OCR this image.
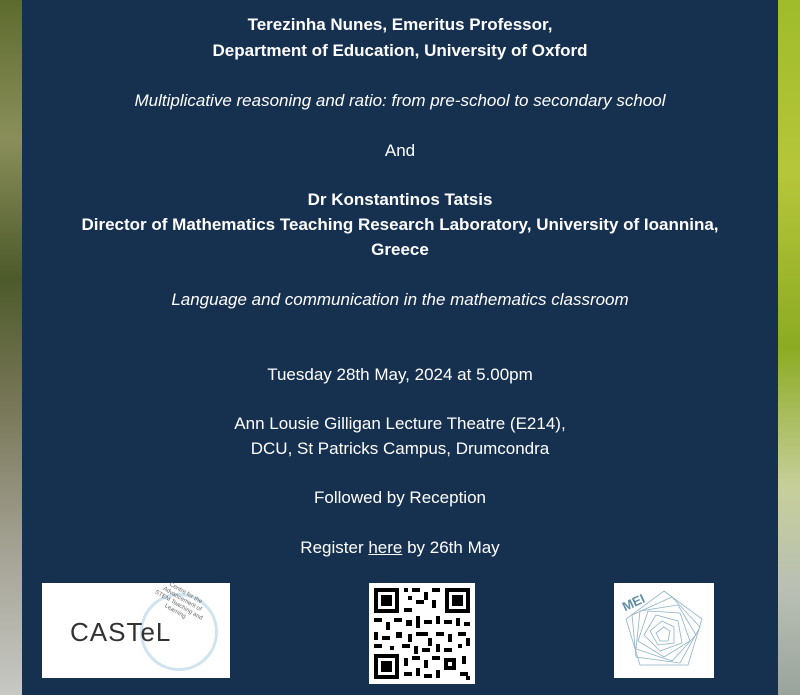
Terezinha Nunes, Emeritus Professor,
Department of Education, University of Oxford
Multiplicative reasoning and ratio: from pre-school to secondary school
And
Dr Konstantinos Tatsis
Director of Mathematics Teaching Research Laboratory, University of Ioannina,
Greece
Language and communication in the mathematics classroom
Tuesday 28th May, 2024 at 5.00pm
Ann Lousie Gilligan Lecture Theatre (E214),
DCU, St Patricks Campus, Drumcondra
Followed by Reception
Register here by 26th May
Centre for the Advancement of STEM Teaching and Learning
CASTeL
MEI
